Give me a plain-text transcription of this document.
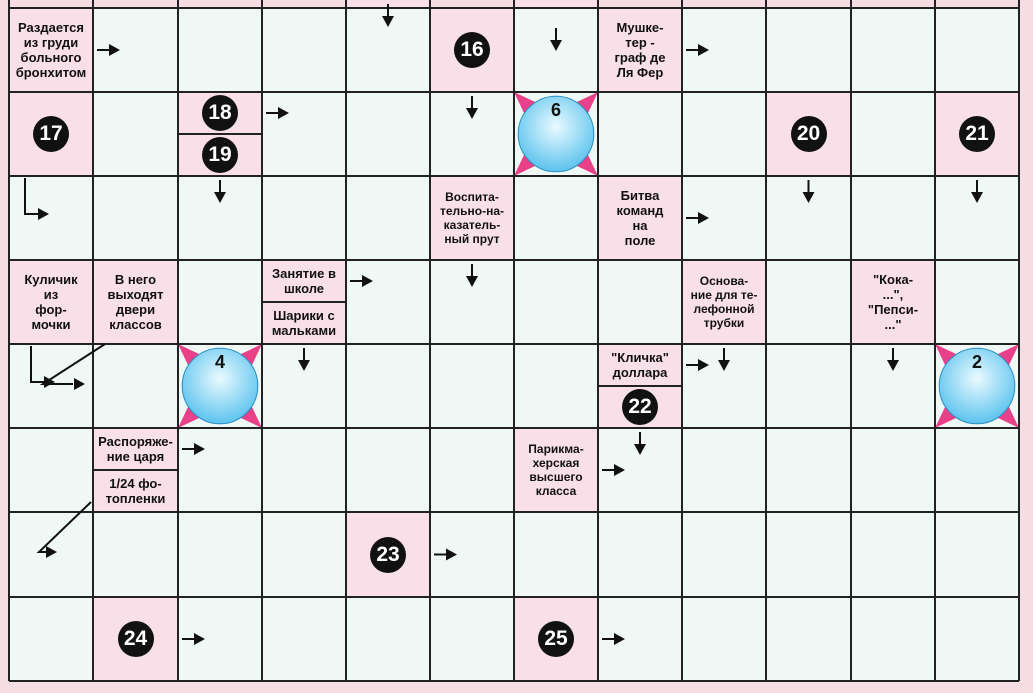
Раздается
из груди
больного
бронхитом
Мушке-
тер -
граф де
Ля Фер
Воспита-
тельно-на-
казатель-
ный прут
Битва
команд
на
поле
Куличик
из
фор-
мочки
В него
выходят
двери
классов
Основа-
ние для те-
лефонной
трубки
"Кока-
...",
"Пепси-
..."
Парикма-
херская
высшего
класса
Занятие в
школе
Шарики с
мальками
"Кличка"
доллара
22
Распоряже-
ние царя
1/24 фо-
топленки
18
19
16
17	20	21
23
24	25
6
4	2
